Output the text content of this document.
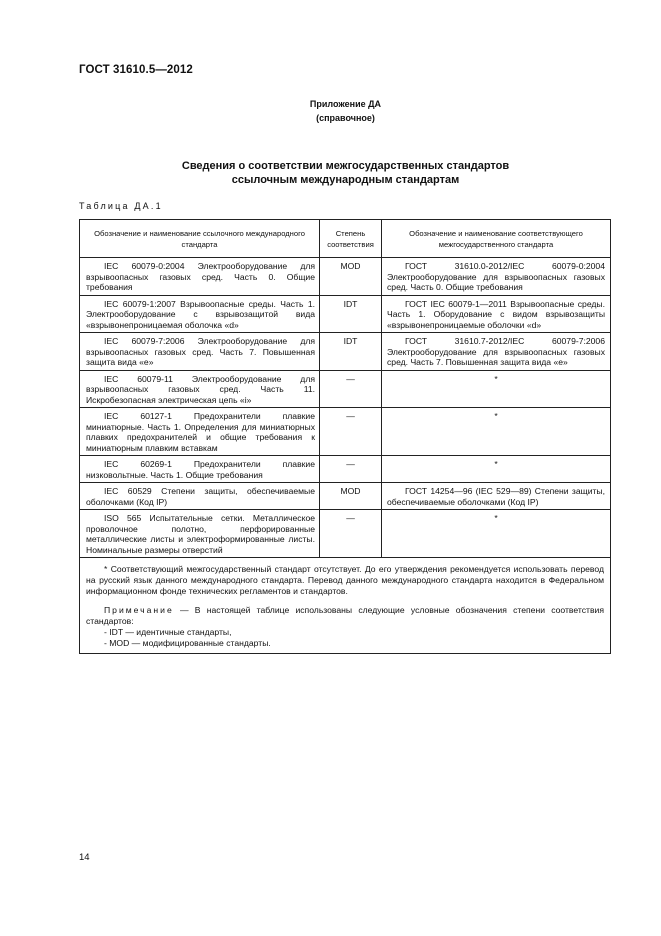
ГОСТ 31610.5—2012
Приложение ДА
(справочное)
Сведения о соответствии межгосударственных стандартов
ссылочным международным стандартам
Таблица ДА.1
Обозначение и наименование ссылочного международного стандарта	Степень соответствия	Обозначение и наименование соответствующего межгосударственного стандарта
IEC 60079-0:2004 Электрооборудование для взрывоопасных газовых сред. Часть 0. Общие требования	MOD	ГОСТ 31610.0-2012/IEC 60079-0:2004 Электрооборудование для взрывоопасных газовых сред. Часть 0. Общие требования
IEC 60079-1:2007 Взрывоопасные среды. Часть 1. Электрооборудование с взрывозащитой вида «взрывонепроницаемая оболочка «d»	IDT	ГОСТ IEC 60079-1—2011 Взрывоопасные среды. Часть 1. Оборудование с видом взрывозащиты «взрывонепроницаемые оболочки «d»
IEC 60079-7:2006 Электрооборудование для взрывоопасных газовых сред. Часть 7. Повышенная защита вида «е»	IDT	ГОСТ 31610.7-2012/IEC 60079-7:2006 Электрооборудование для взрывоопасных газовых сред. Часть 7. Повышенная защита вида «е»
IEC 60079-11 Электрооборудование для взрывоопасных газовых сред. Часть 11. Искробезопасная электрическая цепь «i»	—	*
IEC 60127-1 Предохранители плавкие миниатюрные. Часть 1. Определения для миниатюрных плавких предохранителей и общие требования к миниатюрным плавким вставкам	—	*
IEC 60269-1 Предохранители плавкие низковольтные. Часть 1. Общие требования	—	*
IEC 60529 Степени защиты, обеспечиваемые оболочками (Код IP)	MOD	ГОСТ 14254—96 (IEC 529—89) Степени защиты, обеспечиваемые оболочками (Код IP)
ISO 565 Испытательные сетки. Металлическое проволочное полотно, перфорированные металлические листы и электроформированные листы. Номинальные размеры отверстий	—	*

* Соответствующий межгосударственный стандарт отсутствует. До его утверждения рекомендуется использовать перевод на русский язык данного международного стандарта. Перевод данного международного стандарта находится в Федеральном информационном фонде технических регламентов и стандартов.

Примечание — В настоящей таблице использованы следующие условные обозначения степени соответствия стандартов:

- IDT — идентичные стандарты,

- MOD — модифицированные стандарты.		

14
